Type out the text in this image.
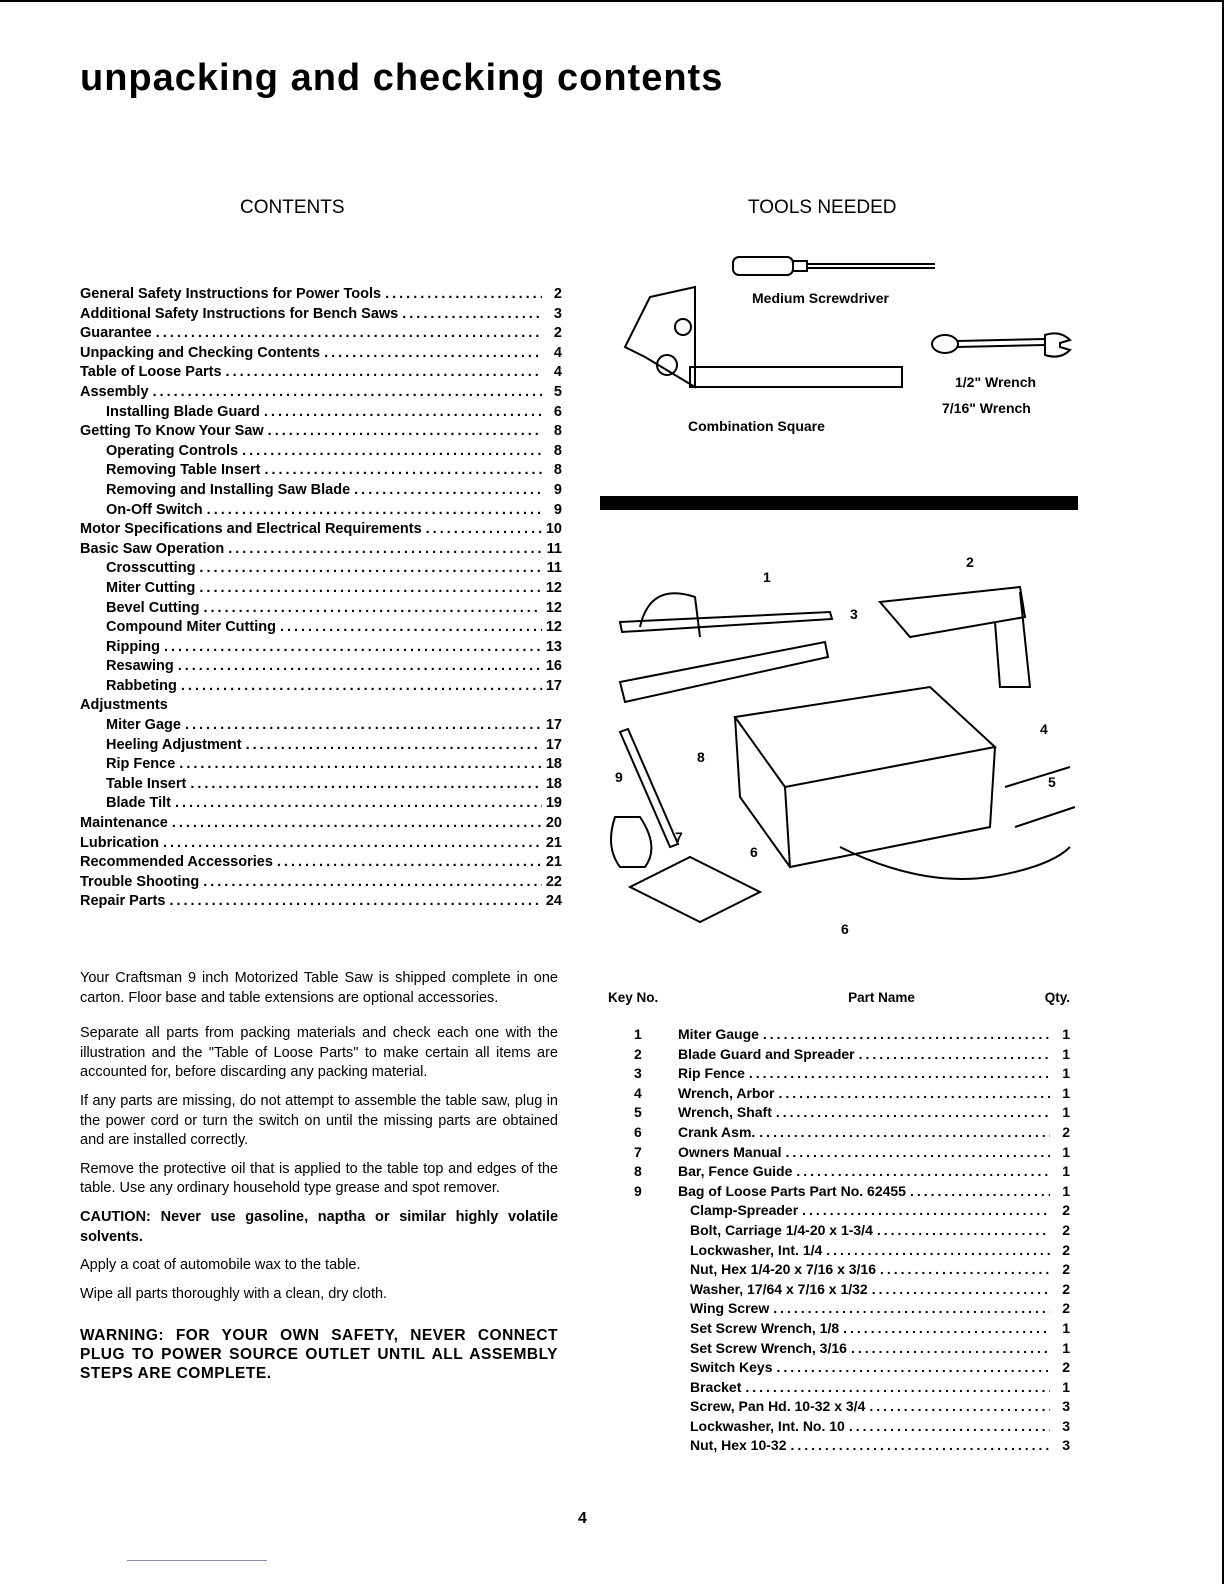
unpacking and checking contents
CONTENTS	TOOLS NEEDED
General Safety Instructions for Power Tools .....	2
Additional Safety Instructions for Bench Saws .....	3
Guarantee .....	2
Unpacking and Checking Contents .....	4
Table of Loose Parts .....	4
Assembly .....	5
Installing Blade Guard .....	6
Getting To Know Your Saw .....	8
Operating Controls .....	8
Removing Table Insert .....	8
Removing and Installing Saw Blade .....	9
On-Off Switch .....	9
Motor Specifications and Electrical Requirements .....	10
Basic Saw Operation .....	11
Crosscutting .....	11
Miter Cutting .....	12
Bevel Cutting .....	12
Compound Miter Cutting .....	12
Ripping .....	13
Resawing .....	16
Rabbeting .....	17
Adjustments
Miter Gage .....	17
Heeling Adjustment .....	17
Rip Fence .....	18
Table Insert .....	18
Blade Tilt .....	19
Maintenance .....	20
Lubrication .....	21
Recommended Accessories .....	21
Trouble Shooting .....	22
Repair Parts .....	24
Medium Screwdriver
Combination Square
1/2" Wrench
7/16" Wrench
1
2
3
4
5
6
7
8
9
6

Your Craftsman 9 inch Motorized Table Saw is shipped complete in one carton. Floor base and table extensions are optional accessories.

Separate all parts from packing materials and check each one with the illustration and the "Table of Loose Parts" to make certain all items are accounted for, before discarding any packing material.

If any parts are missing, do not attempt to assemble the table saw, plug in the power cord or turn the switch on until the missing parts are obtained and are installed correctly.

Remove the protective oil that is applied to the table top and edges of the table. Use any ordinary household type grease and spot remover.

CAUTION: Never use gasoline, naptha or similar highly volatile solvents.

Apply a coat of automobile wax to the table.

Wipe all parts thoroughly with a clean, dry cloth.

WARNING: FOR YOUR OWN SAFETY, NEVER CONNECT PLUG TO POWER SOURCE OUTLET UNTIL ALL ASSEMBLY STEPS ARE COMPLETE.

Key No.	Part Name	Qty.
1	Miter Gauge .....	1
2	Blade Guard and Spreader .....	1
3	Rip Fence .....	1
4	Wrench, Arbor .....	1
5	Wrench, Shaft .....	1
6	Crank Asm. .....	2
7	Owners Manual .....	1
8	Bar, Fence Guide .....	1
9	Bag of Loose Parts Part No. 62455 .....	1
Clamp-Spreader .....	2
Bolt, Carriage 1/4-20 x 1-3/4 .....	2
Lockwasher, Int. 1/4 .....	2
Nut, Hex 1/4-20 x 7/16 x 3/16 .....	2
Washer, 17/64 x 7/16 x 1/32 .....	2
Wing Screw .....	2
Set Screw Wrench, 1/8 .....	1
Set Screw Wrench, 3/16 .....	1
Switch Keys .....	2
Bracket .....	1
Screw, Pan Hd. 10-32 x 3/4 .....	3
Lockwasher, Int. No. 10 .....	3
Nut, Hex 10-32 .....	3
4
